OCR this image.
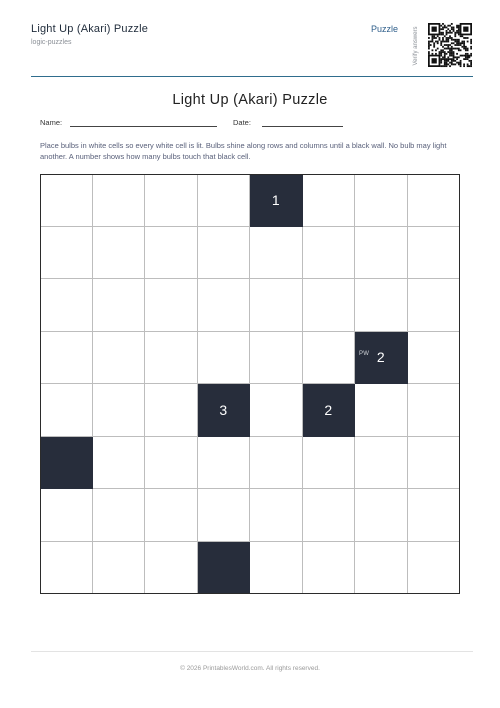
Light Up (Akari) Puzzle
logic-puzzles
Puzzle Verify answers
Light Up (Akari) Puzzle
Name:	Date:
Place bulbs in white cells so every white cell is lit. Bulbs shine along rows and columns until a black wall. No bulb may light another. A number shows how many bulbs touch that black cell.
1
2
3	2
PW
© 2026 PrintablesWorld.com. All rights reserved.
